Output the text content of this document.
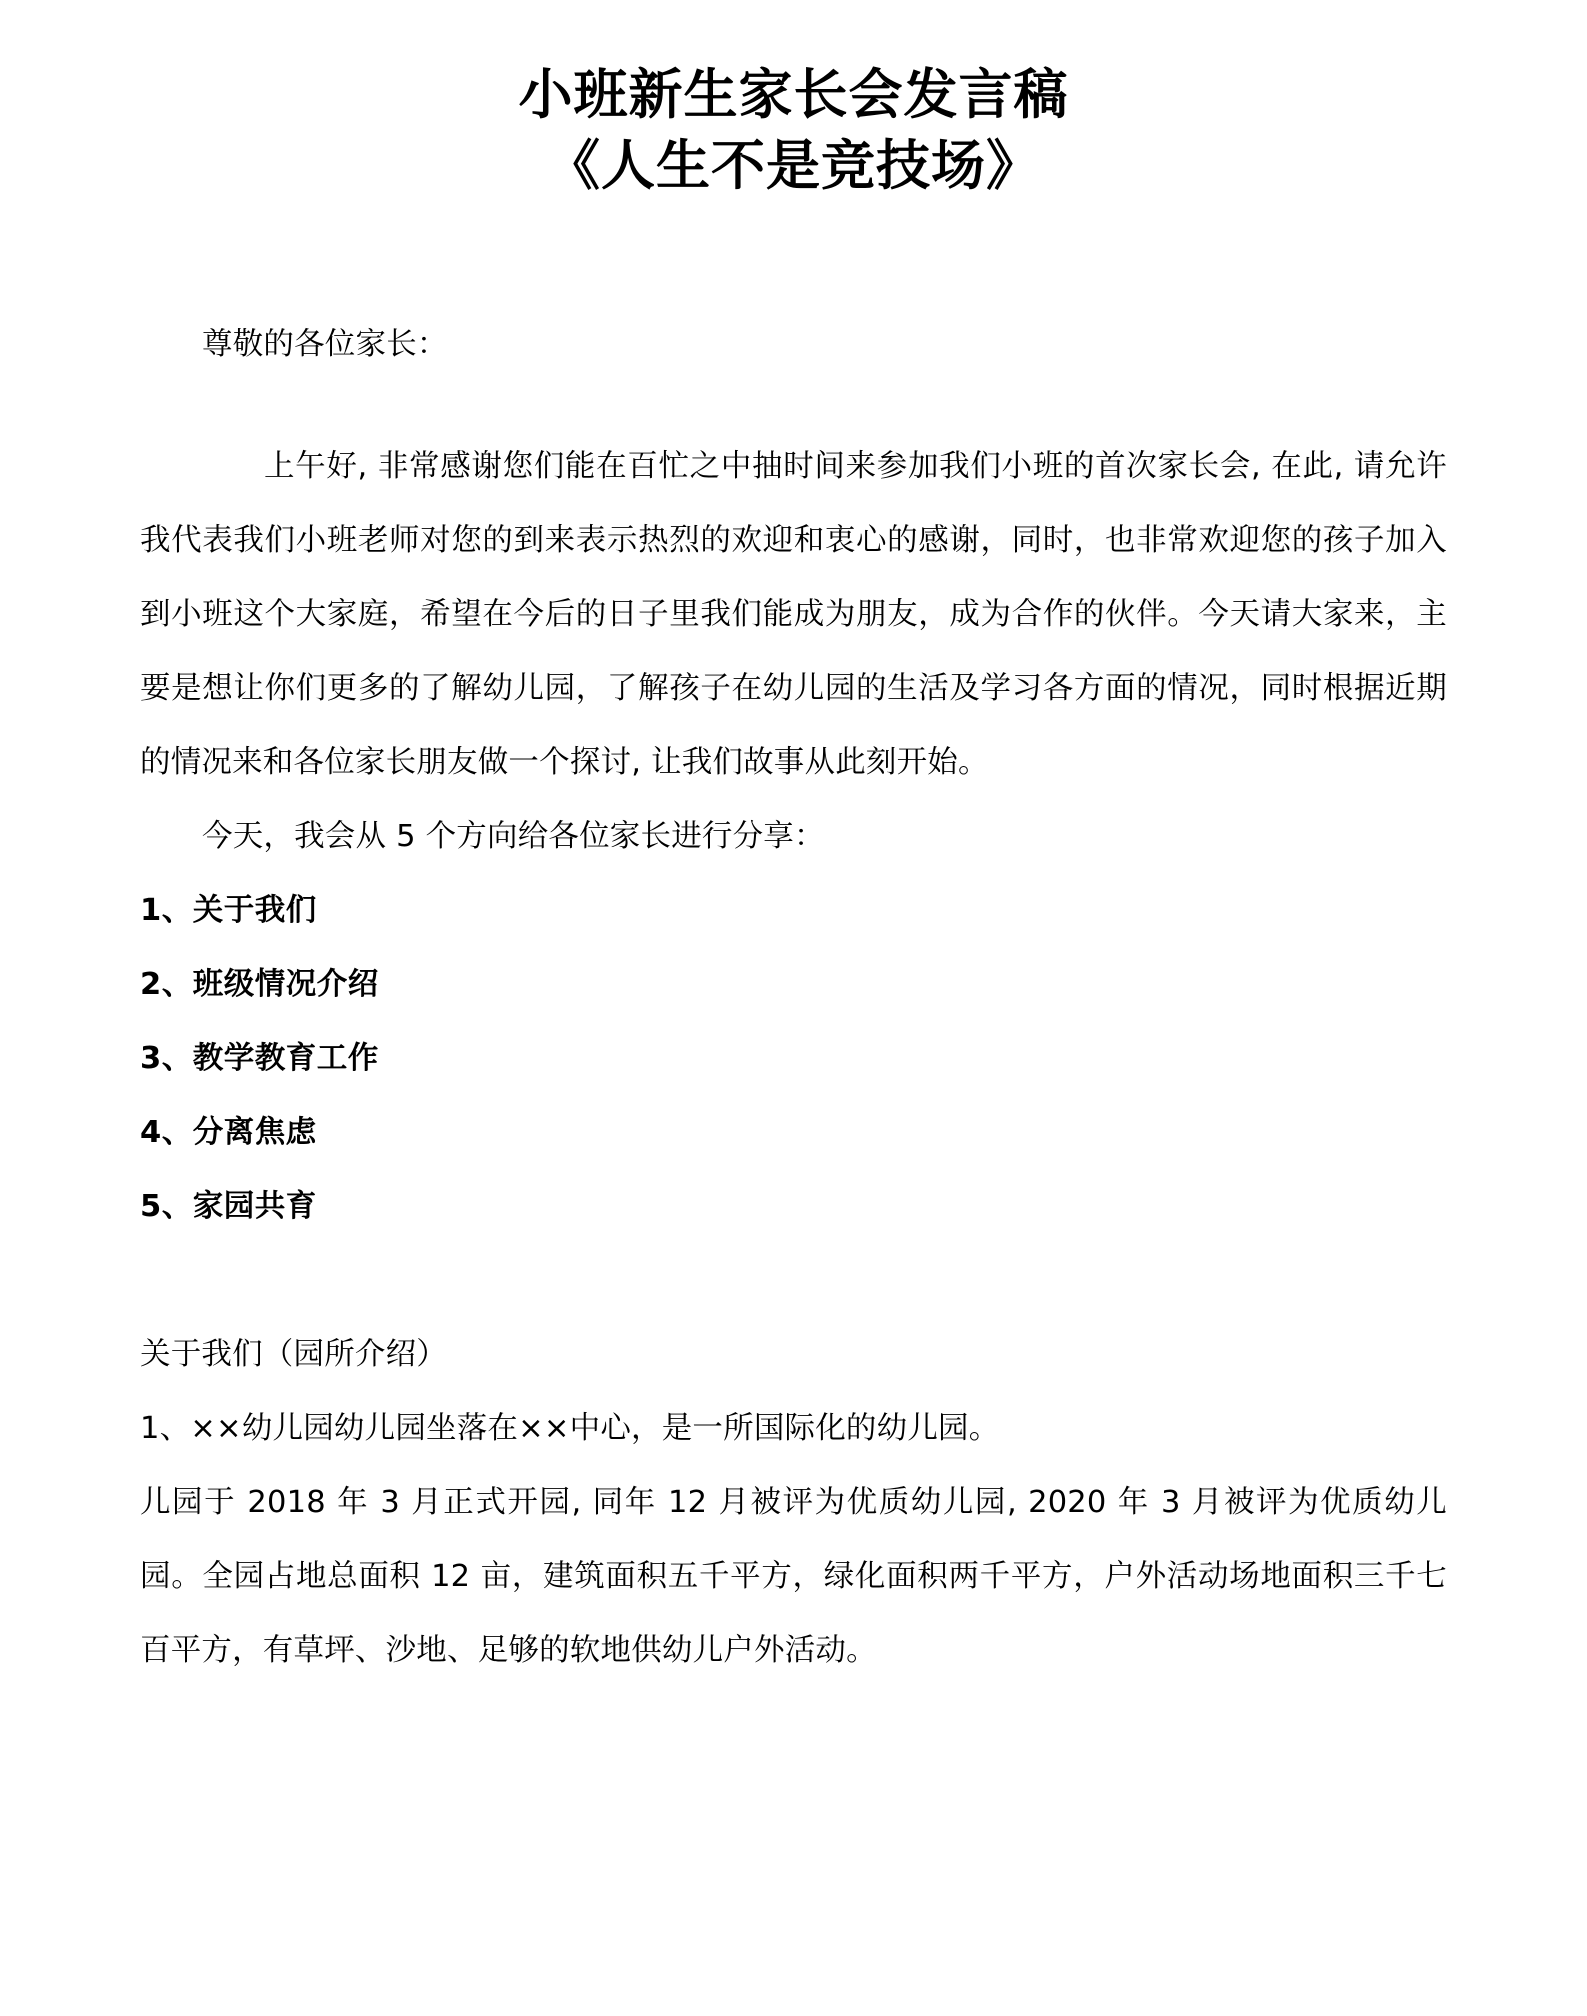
小班新生家长会发言稿
《人生不是竞技场》

尊敬的各位家长：

上午好, 非常感谢您们能在百忙之中抽时间来参加我们小班的首次家长会, 在此, 请允许我代表我们小班老师对您的到来表示热烈的欢迎和衷心的感谢，同时，也非常欢迎您的孩子加入到小班这个大家庭，希望在今后的日子里我们能成为朋友，成为合作的伙伴。今天请大家来，主要是想让你们更多的了解幼儿园，了解孩子在幼儿园的生活及学习各方面的情况，同时根据近期的情况来和各位家长朋友做一个探讨, 让我们故事从此刻开始。

今天，我会从 5 个方向给各位家长进行分享：

1、关于我们
2、班级情况介绍
3、教学教育工作
4、分离焦虑
5、家园共育

关于我们（园所介绍）

1、××幼儿园幼儿园坐落在××中心，是一所国际化的幼儿园。

儿园于 2018 年 3 月正式开园, 同年 12 月被评为优质幼儿园, 2020 年 3 月被评为优质幼儿园。全园占地总面积 12 亩，建筑面积五千平方，绿化面积两千平方，户外活动场地面积三千七百平方，有草坪、沙地、足够的软地供幼儿户外活动。
